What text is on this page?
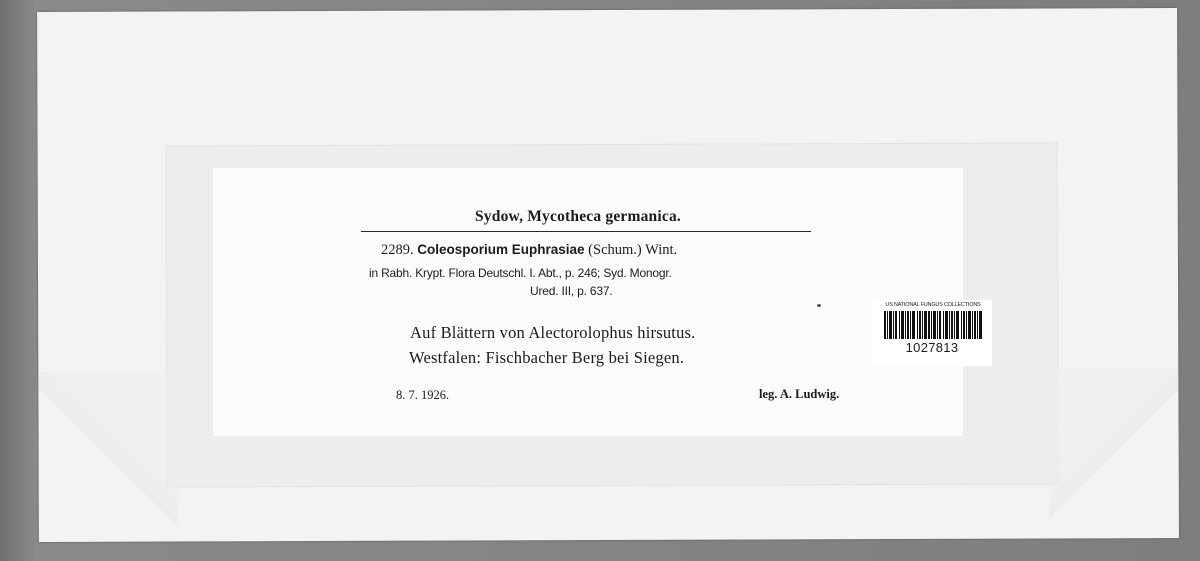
Sydow, Mycotheca germanica.
2289. Coleosporium Euphrasiae (Schum.) Wint.
in Rabh. Krypt. Flora Deutschl. I. Abt., p. 246; Syd. Monogr.
Ured. III, p. 637.
Auf Blättern von Alectorolophus hirsutus.
Westfalen: Fischbacher Berg bei Siegen.
8. 7. 1926.	leg. A. Ludwig.
US NATIONAL FUNGUS COLLECTIONS
1027813
